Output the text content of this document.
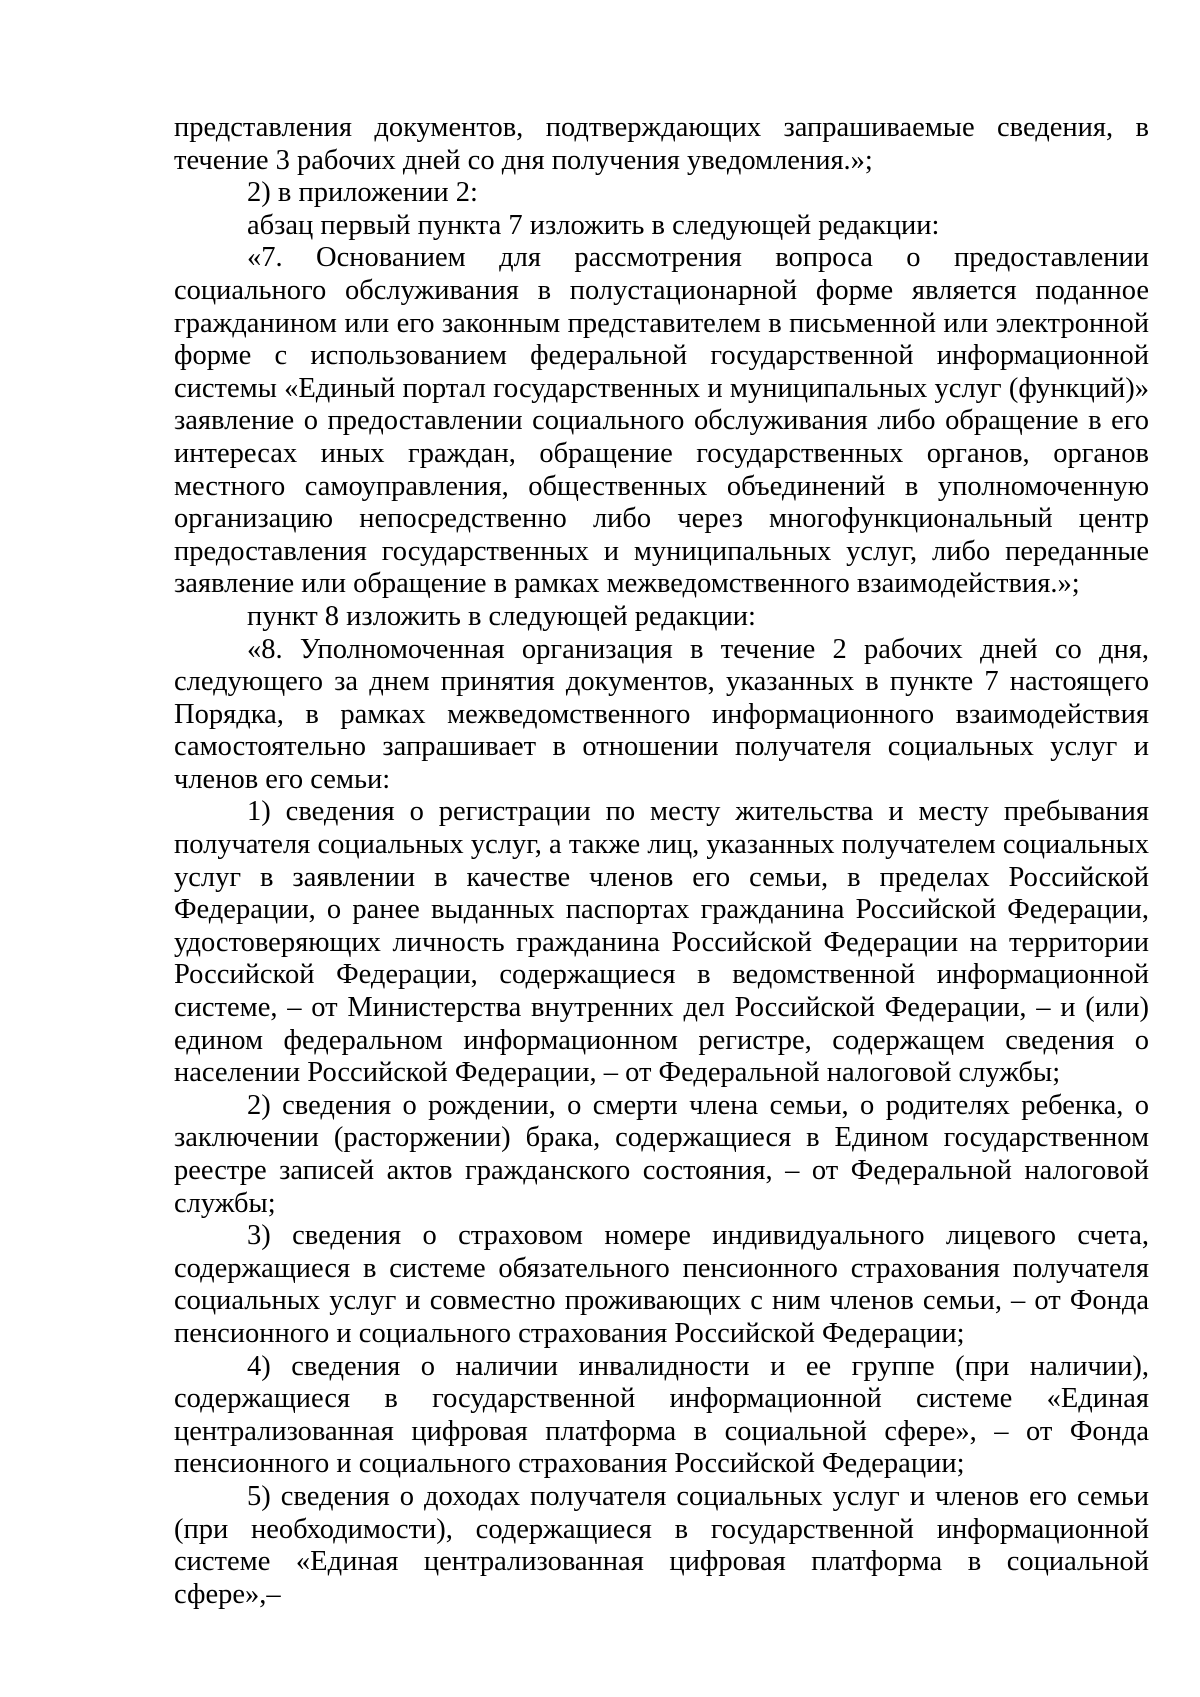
представления документов, подтверждающих запрашиваемые сведения, в течение 3 рабочих дней со дня получения уведомления.»;

2) в приложении 2:

абзац первый пункта 7 изложить в следующей редакции:

«7. Основанием для рассмотрения вопроса о предоставлении социального обслуживания в полустационарной форме является поданное гражданином или его законным представителем в письменной или электронной форме с использованием федеральной государственной информационной системы «Единый портал государственных и муниципальных услуг (функций)» заявление о предоставлении социального обслуживания либо обращение в его интересах иных граждан, обращение государственных органов, органов местного самоуправления, общественных объединений в уполномоченную организацию непосредственно либо через многофункциональный центр предоставления государственных и муниципальных услуг, либо переданные заявление или обращение в рамках межведомственного взаимодействия.»;

пункт 8 изложить в следующей редакции:

«8. Уполномоченная организация в течение 2 рабочих дней со дня, следующего за днем принятия документов, указанных в пункте 7 настоящего Порядка, в рамках межведомственного информационного взаимодействия самостоятельно запрашивает в отношении получателя социальных услуг и членов его семьи:

1) сведения о регистрации по месту жительства и месту пребывания получателя социальных услуг, а также лиц, указанных получателем социальных услуг в заявлении в качестве членов его семьи, в пределах Российской Федерации, о ранее выданных паспортах гражданина Российской Федерации, удостоверяющих личность гражданина Российской Федерации на территории Российской Федерации, содержащиеся в ведомственной информационной системе, – от Министерства внутренних дел Российской Федерации, – и (или) едином федеральном информационном регистре, содержащем сведения о населении Российской Федерации, – от Федеральной налоговой службы;

2) сведения о рождении, о смерти члена семьи, о родителях ребенка, о заключении (расторжении) брака, содержащиеся в Едином государственном реестре записей актов гражданского состояния, – от Федеральной налоговой службы;

3) сведения о страховом номере индивидуального лицевого счета, содержащиеся в системе обязательного пенсионного страхования получателя социальных услуг и совместно проживающих с ним членов семьи, – от Фонда пенсионного и социального страхования Российской Федерации;

4) сведения о наличии инвалидности и ее группе (при наличии), содержащиеся в государственной информационной системе «Единая централизованная цифровая платформа в социальной сфере», – от Фонда пенсионного и социального страхования Российской Федерации;

5) сведения о доходах получателя социальных услуг и членов его семьи (при необходимости), содержащиеся в государственной информационной системе «Единая централизованная цифровая платформа в социальной сфере»,–
